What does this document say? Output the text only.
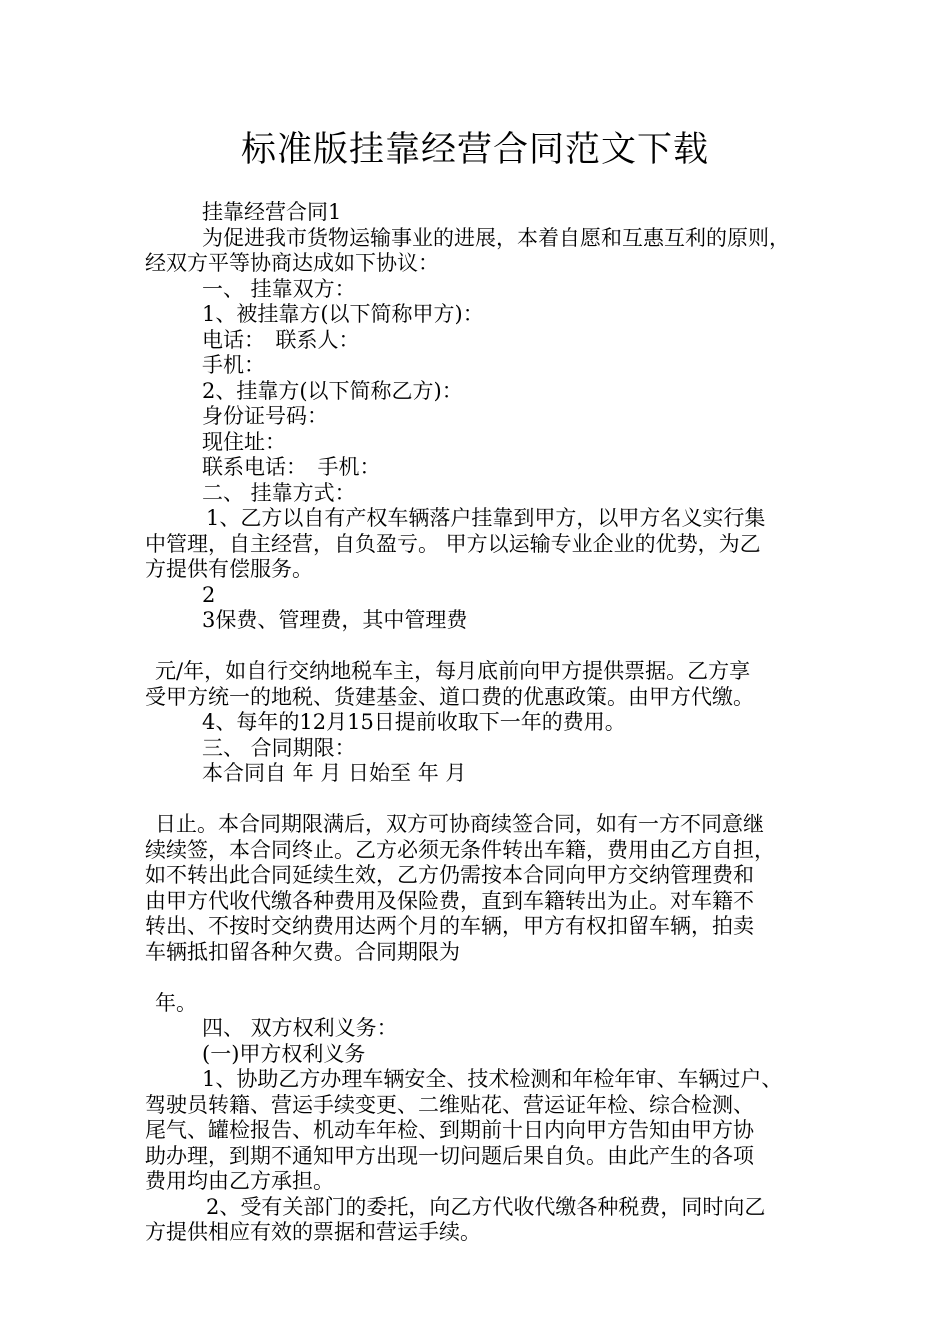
标准版挂靠经营合同范文下载
挂靠经营合同1
为促进我市货物运输事业的进展，本着自愿和互惠互利的原则，
经双方平等协商达成如下协议：
一、 挂靠双方：
1、被挂靠方(以下简称甲方)：
电话：　联系人：
手机：
2、挂靠方(以下简称乙方)：
身份证号码：
现住址：
联系电话：　手机：
二、 挂靠方式：
1、乙方以自有产权车辆落户挂靠到甲方，以甲方名义实行集
中管理，自主经营，自负盈亏。 甲方以运输专业企业的优势，为乙
方提供有偿服务。
2
3保费、管理费，其中管理费
元/年，如自行交纳地税车主，每月底前向甲方提供票据。乙方享
受甲方统一的地税、货建基金、道口费的优惠政策。由甲方代缴。
4、每年的12月15日提前收取下一年的费用。
三、 合同期限：
本合同自 年 月 日始至 年 月
日止。本合同期限满后，双方可协商续签合同，如有一方不同意继
续续签，本合同终止。乙方必须无条件转出车籍，费用由乙方自担，
如不转出此合同延续生效，乙方仍需按本合同向甲方交纳管理费和
由甲方代收代缴各种费用及保险费，直到车籍转出为止。对车籍不
转出、不按时交纳费用达两个月的车辆，甲方有权扣留车辆，拍卖
车辆抵扣留各种欠费。合同期限为
年。
四、 双方权利义务：
(一)甲方权利义务
1、协助乙方办理车辆安全、技术检测和年检年审、车辆过户、
驾驶员转籍、营运手续变更、二维贴花、营运证年检、综合检测、
尾气、罐检报告、机动车年检、到期前十日内向甲方告知由甲方协
助办理，到期不通知甲方出现一切问题后果自负。由此产生的各项
费用均由乙方承担。
2、受有关部门的委托，向乙方代收代缴各种税费，同时向乙
方提供相应有效的票据和营运手续。
